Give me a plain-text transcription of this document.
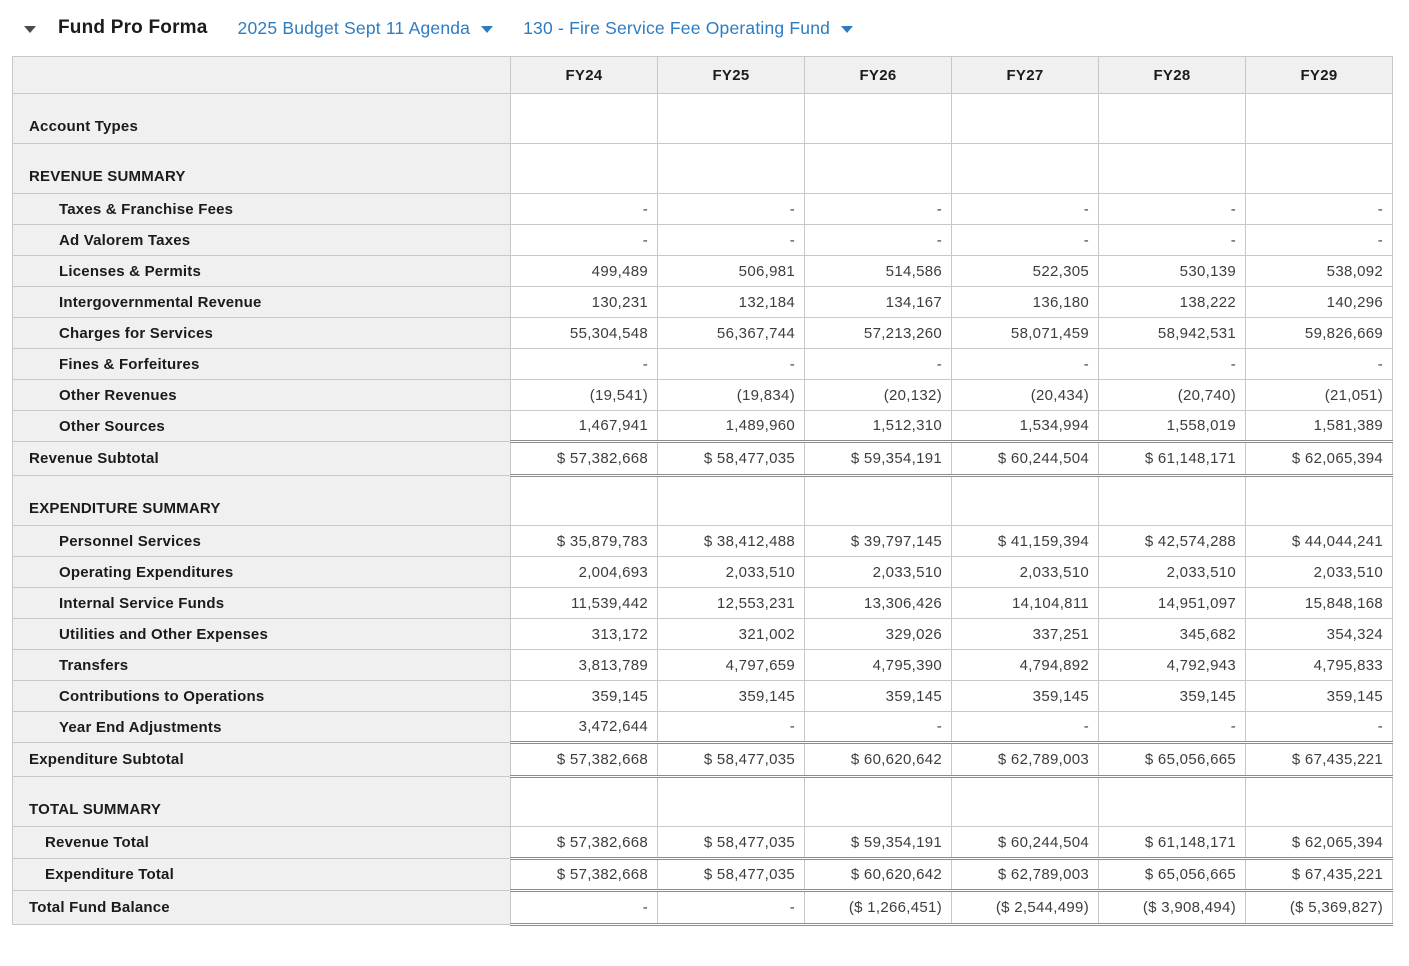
Fund Pro Forma 2025 Budget Sept 11 Agenda	130 - Fire Service Fee Operating Fund
	FY24	FY25	FY26	FY27	FY28	FY29
Account Types						
REVENUE SUMMARY						
Taxes & Franchise Fees	-	-	-	-	-	-
Ad Valorem Taxes	-	-	-	-	-	-
Licenses & Permits	499,489	506,981	514,586	522,305	530,139	538,092
Intergovernmental Revenue	130,231	132,184	134,167	136,180	138,222	140,296
Charges for Services	55,304,548	56,367,744	57,213,260	58,071,459	58,942,531	59,826,669
Fines & Forfeitures	-	-	-	-	-	-
Other Revenues	(19,541)	(19,834)	(20,132)	(20,434)	(20,740)	(21,051)
Other Sources	1,467,941	1,489,960	1,512,310	1,534,994	1,558,019	1,581,389
Revenue Subtotal	$ 57,382,668	$ 58,477,035	$ 59,354,191	$ 60,244,504	$ 61,148,171	$ 62,065,394
EXPENDITURE SUMMARY						
Personnel Services	$ 35,879,783	$ 38,412,488	$ 39,797,145	$ 41,159,394	$ 42,574,288	$ 44,044,241
Operating Expenditures	2,004,693	2,033,510	2,033,510	2,033,510	2,033,510	2,033,510
Internal Service Funds	11,539,442	12,553,231	13,306,426	14,104,811	14,951,097	15,848,168
Utilities and Other Expenses	313,172	321,002	329,026	337,251	345,682	354,324
Transfers	3,813,789	4,797,659	4,795,390	4,794,892	4,792,943	4,795,833
Contributions to Operations	359,145	359,145	359,145	359,145	359,145	359,145
Year End Adjustments	3,472,644	-	-	-	-	-
Expenditure Subtotal	$ 57,382,668	$ 58,477,035	$ 60,620,642	$ 62,789,003	$ 65,056,665	$ 67,435,221
TOTAL SUMMARY						
Revenue Total	$ 57,382,668	$ 58,477,035	$ 59,354,191	$ 60,244,504	$ 61,148,171	$ 62,065,394
Expenditure Total	$ 57,382,668	$ 58,477,035	$ 60,620,642	$ 62,789,003	$ 65,056,665	$ 67,435,221
Total Fund Balance	-	-	($ 1,266,451)	($ 2,544,499)	($ 3,908,494)	($ 5,369,827)
